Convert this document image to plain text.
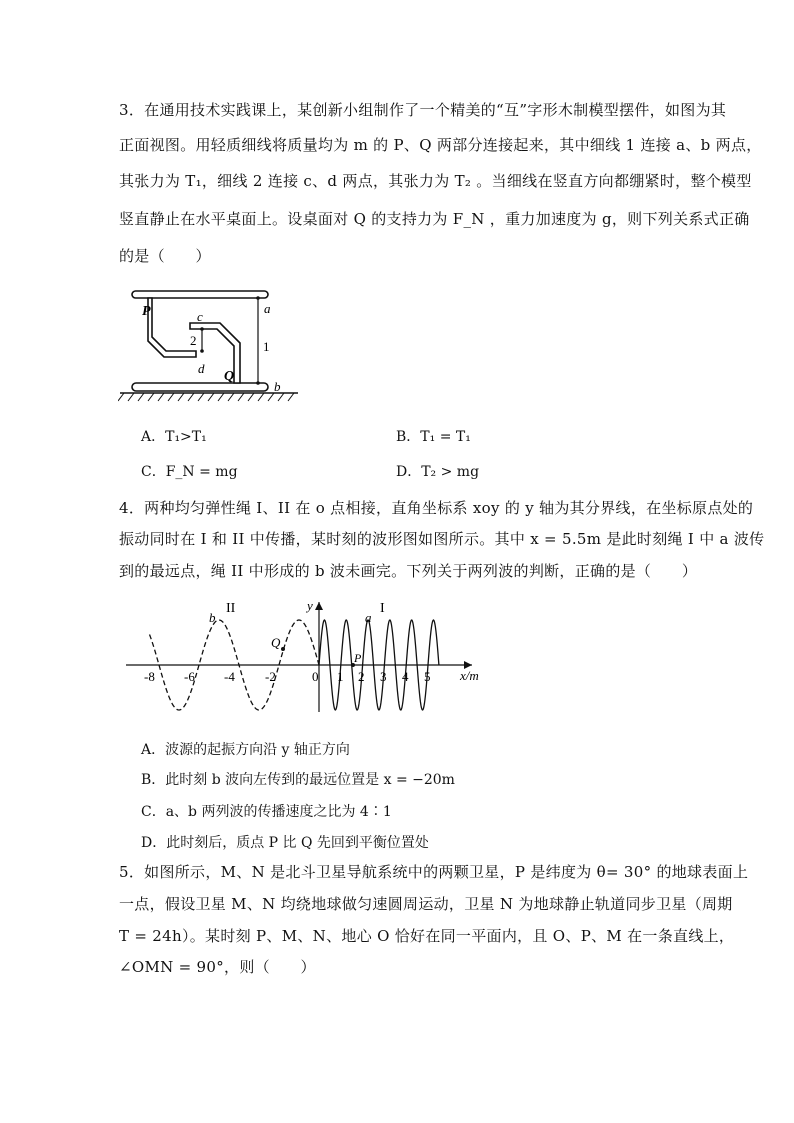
3．在通用技术实践课上，某创新小组制作了一个精美的“互”字形木制模型摆件，如图为其
正面视图。用轻质细线将质量均为 m 的 P、Q 两部分连接起来，其中细线 1 连接 a、b 两点，
其张力为 T₁，细线 2 连接 c、d 两点，其张力为 T₂ 。当细线在竖直方向都绷紧时，整个模型
竖直静止在水平桌面上。设桌面对 Q 的支持力为 F_N ，重力加速度为 g，则下列关系式正确
的是（　　）
P	c
2
d
Q
a
1
b
A．T₁>T₁	B．T₁ = T₁
C．F_N = mg	D．T₂ > mg
4．两种均匀弹性绳 I、II 在 o 点相接，直角坐标系 xoy 的 y 轴为其分界线，在坐标原点处的
振动同时在 I 和 II 中传播，某时刻的波形图如图所示。其中 x = 5.5m 是此时刻绳 I 中 a 波传
到的最远点，绳 II 中形成的 b 波未画完。下列关于两列波的判断，正确的是（　　）
-8 -6 -4 -2	0 1 2 3 4 5 x/m
y	I
II
a
b
Q
P
A．波源的起振方向沿 y 轴正方向
B．此时刻 b 波向左传到的最远位置是 x = −20m
C．a、b 两列波的传播速度之比为 4∶1
D．此时刻后，质点 P 比 Q 先回到平衡位置处
5．如图所示，M、N 是北斗卫星导航系统中的两颗卫星，P 是纬度为 θ= 30° 的地球表面上
一点，假设卫星 M、N 均绕地球做匀速圆周运动，卫星 N 为地球静止轨道同步卫星（周期
T = 24h）。某时刻 P、M、N、地心 O 恰好在同一平面内，且 O、P、M 在一条直线上，
∠OMN = 90°，则（　　）
